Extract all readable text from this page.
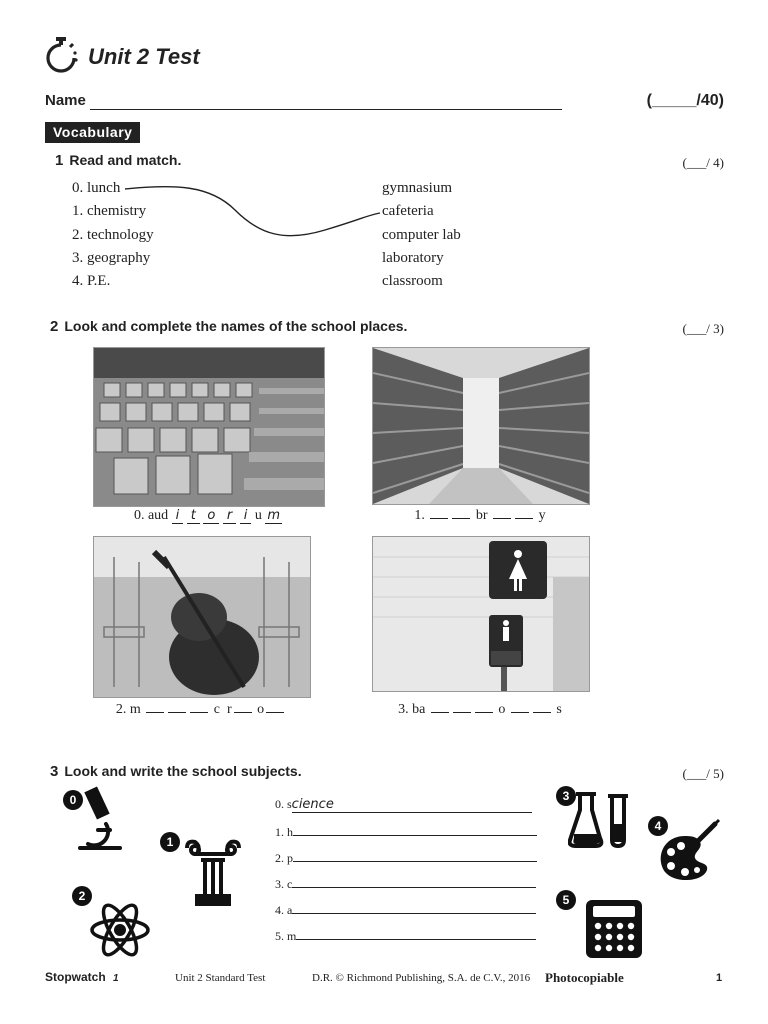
Unit 2 Test
Name	(_____/40)
Vocabulary
1 Read and match.	(___/ 4)
0. lunch
1. chemistry
2. technology
3. geography
4. P.E.
gymnasium
cafeteria
computer lab
laboratory
classroom
2 Look and complete the names of the school places.	(___/ 3)
0. aud i t o r i u m	1.	br	y
2. m	c r o	3. ba	o	s
3 Look and write the school subjects.	(___/ 5)
0. science
1. h
2. p
3. c
4. a
5. m
0
1
2
3
4
5
Stopwatch 1	Unit 2 Standard Test	D.R. © Richmond Publishing, S.A. de C.V., 2016 Photocopiable	1
